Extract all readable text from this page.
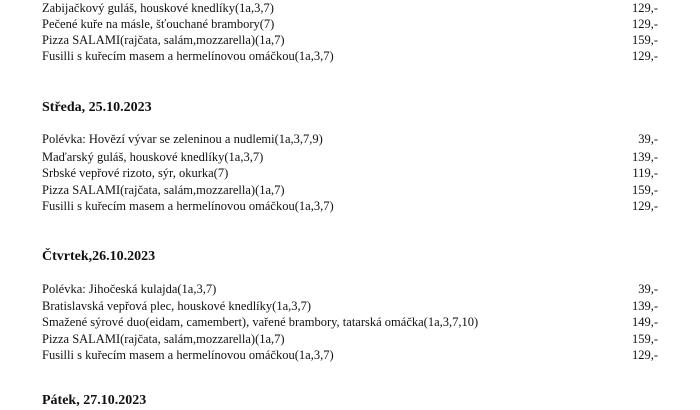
Zabijačkový guláš, houskové knedlíky(1a,3,7)	129,-
Pečené kuře na másle, šťouchané brambory(7)	129,-
Pizza SALAMI(rajčata, salám,mozzarella)(1a,7)	159,-
Fusilli s kuřecím masem a hermelínovou omáčkou(1a,3,7)	129,-
Středa, 25.10.2023
Polévka: Hovězí vývar se zeleninou a nudlemi(1a,3,7,9)	39,-
Maďarský guláš, houskové knedlíky(1a,3,7)	139,-
Srbské vepřové rizoto, sýr, okurka(7)	119,-
Pizza SALAMI(rajčata, salám,mozzarella)(1a,7)	159,-
Fusilli s kuřecím masem a hermelínovou omáčkou(1a,3,7)	129,-
Čtvrtek,26.10.2023
Polévka: Jihočeská kulajda(1a,3,7)	39,-
Bratislavská vepřová plec, houskové knedlíky(1a,3,7)	139,-
Smažené sýrové duo(eidam, camembert), vařené brambory, tatarská omáčka(1a,3,7,10)	149,-
Pizza SALAMI(rajčata, salám,mozzarella)(1a,7)	159,-
Fusilli s kuřecím masem a hermelínovou omáčkou(1a,3,7)	129,-
Pátek, 27.10.2023
